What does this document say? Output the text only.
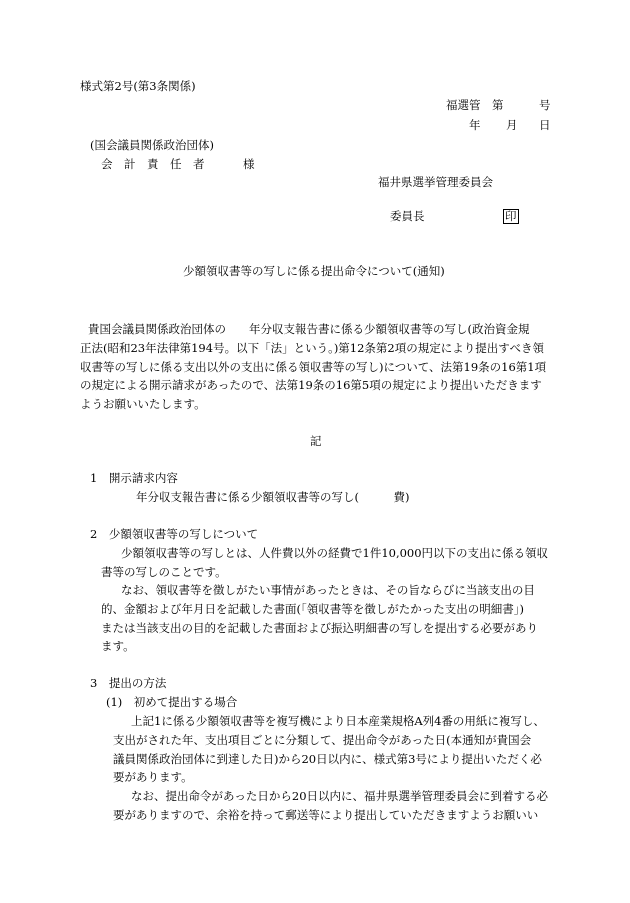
様式第2号(第3条関係)
福選管 第	号
年 月 日
(国会議員関係政治団体)
会　計　責　任　者	様
福井県選挙管理委員会
委員長	印
少額領収書等の写しに係る提出命令について(通知)
貴国会議員関係政治団体の　　年分収支報告書に係る少額領収書等の写し(政治資金規
正法(昭和23年法律第194号。以下「法」という。)第12条第2項の規定により提出すべき領
収書等の写しに係る支出以外の支出に係る領収書等の写し)について、法第19条の16第1項
の規定による開示請求があったので、法第19条の16第5項の規定により提出いただきます
ようお願いいたします。
記
1　開示請求内容
年分収支報告書に係る少額領収書等の写し(　　　費)
2　少額領収書等の写しについて
少額領収書等の写しとは、人件費以外の経費で1件10,000円以下の支出に係る領収
書等の写しのことです。
なお、領収書等を徴しがたい事情があったときは、その旨ならびに当該支出の目
的、金額および年月日を記載した書面(「領収書等を徴しがたかった支出の明細書」)
または当該支出の目的を記載した書面および振込明細書の写しを提出する必要があり
ます。
3　提出の方法
(1)　初めて提出する場合
上記1に係る少額領収書等を複写機により日本産業規格A列4番の用紙に複写し、
支出がされた年、支出項目ごとに分類して、提出命令があった日(本通知が貴国会
議員関係政治団体に到達した日)から20日以内に、様式第3号により提出いただく必
要があります。
なお、提出命令があった日から20日以内に、福井県選挙管理委員会に到着する必
要がありますので、余裕を持って郵送等により提出していただきますようお願いい
